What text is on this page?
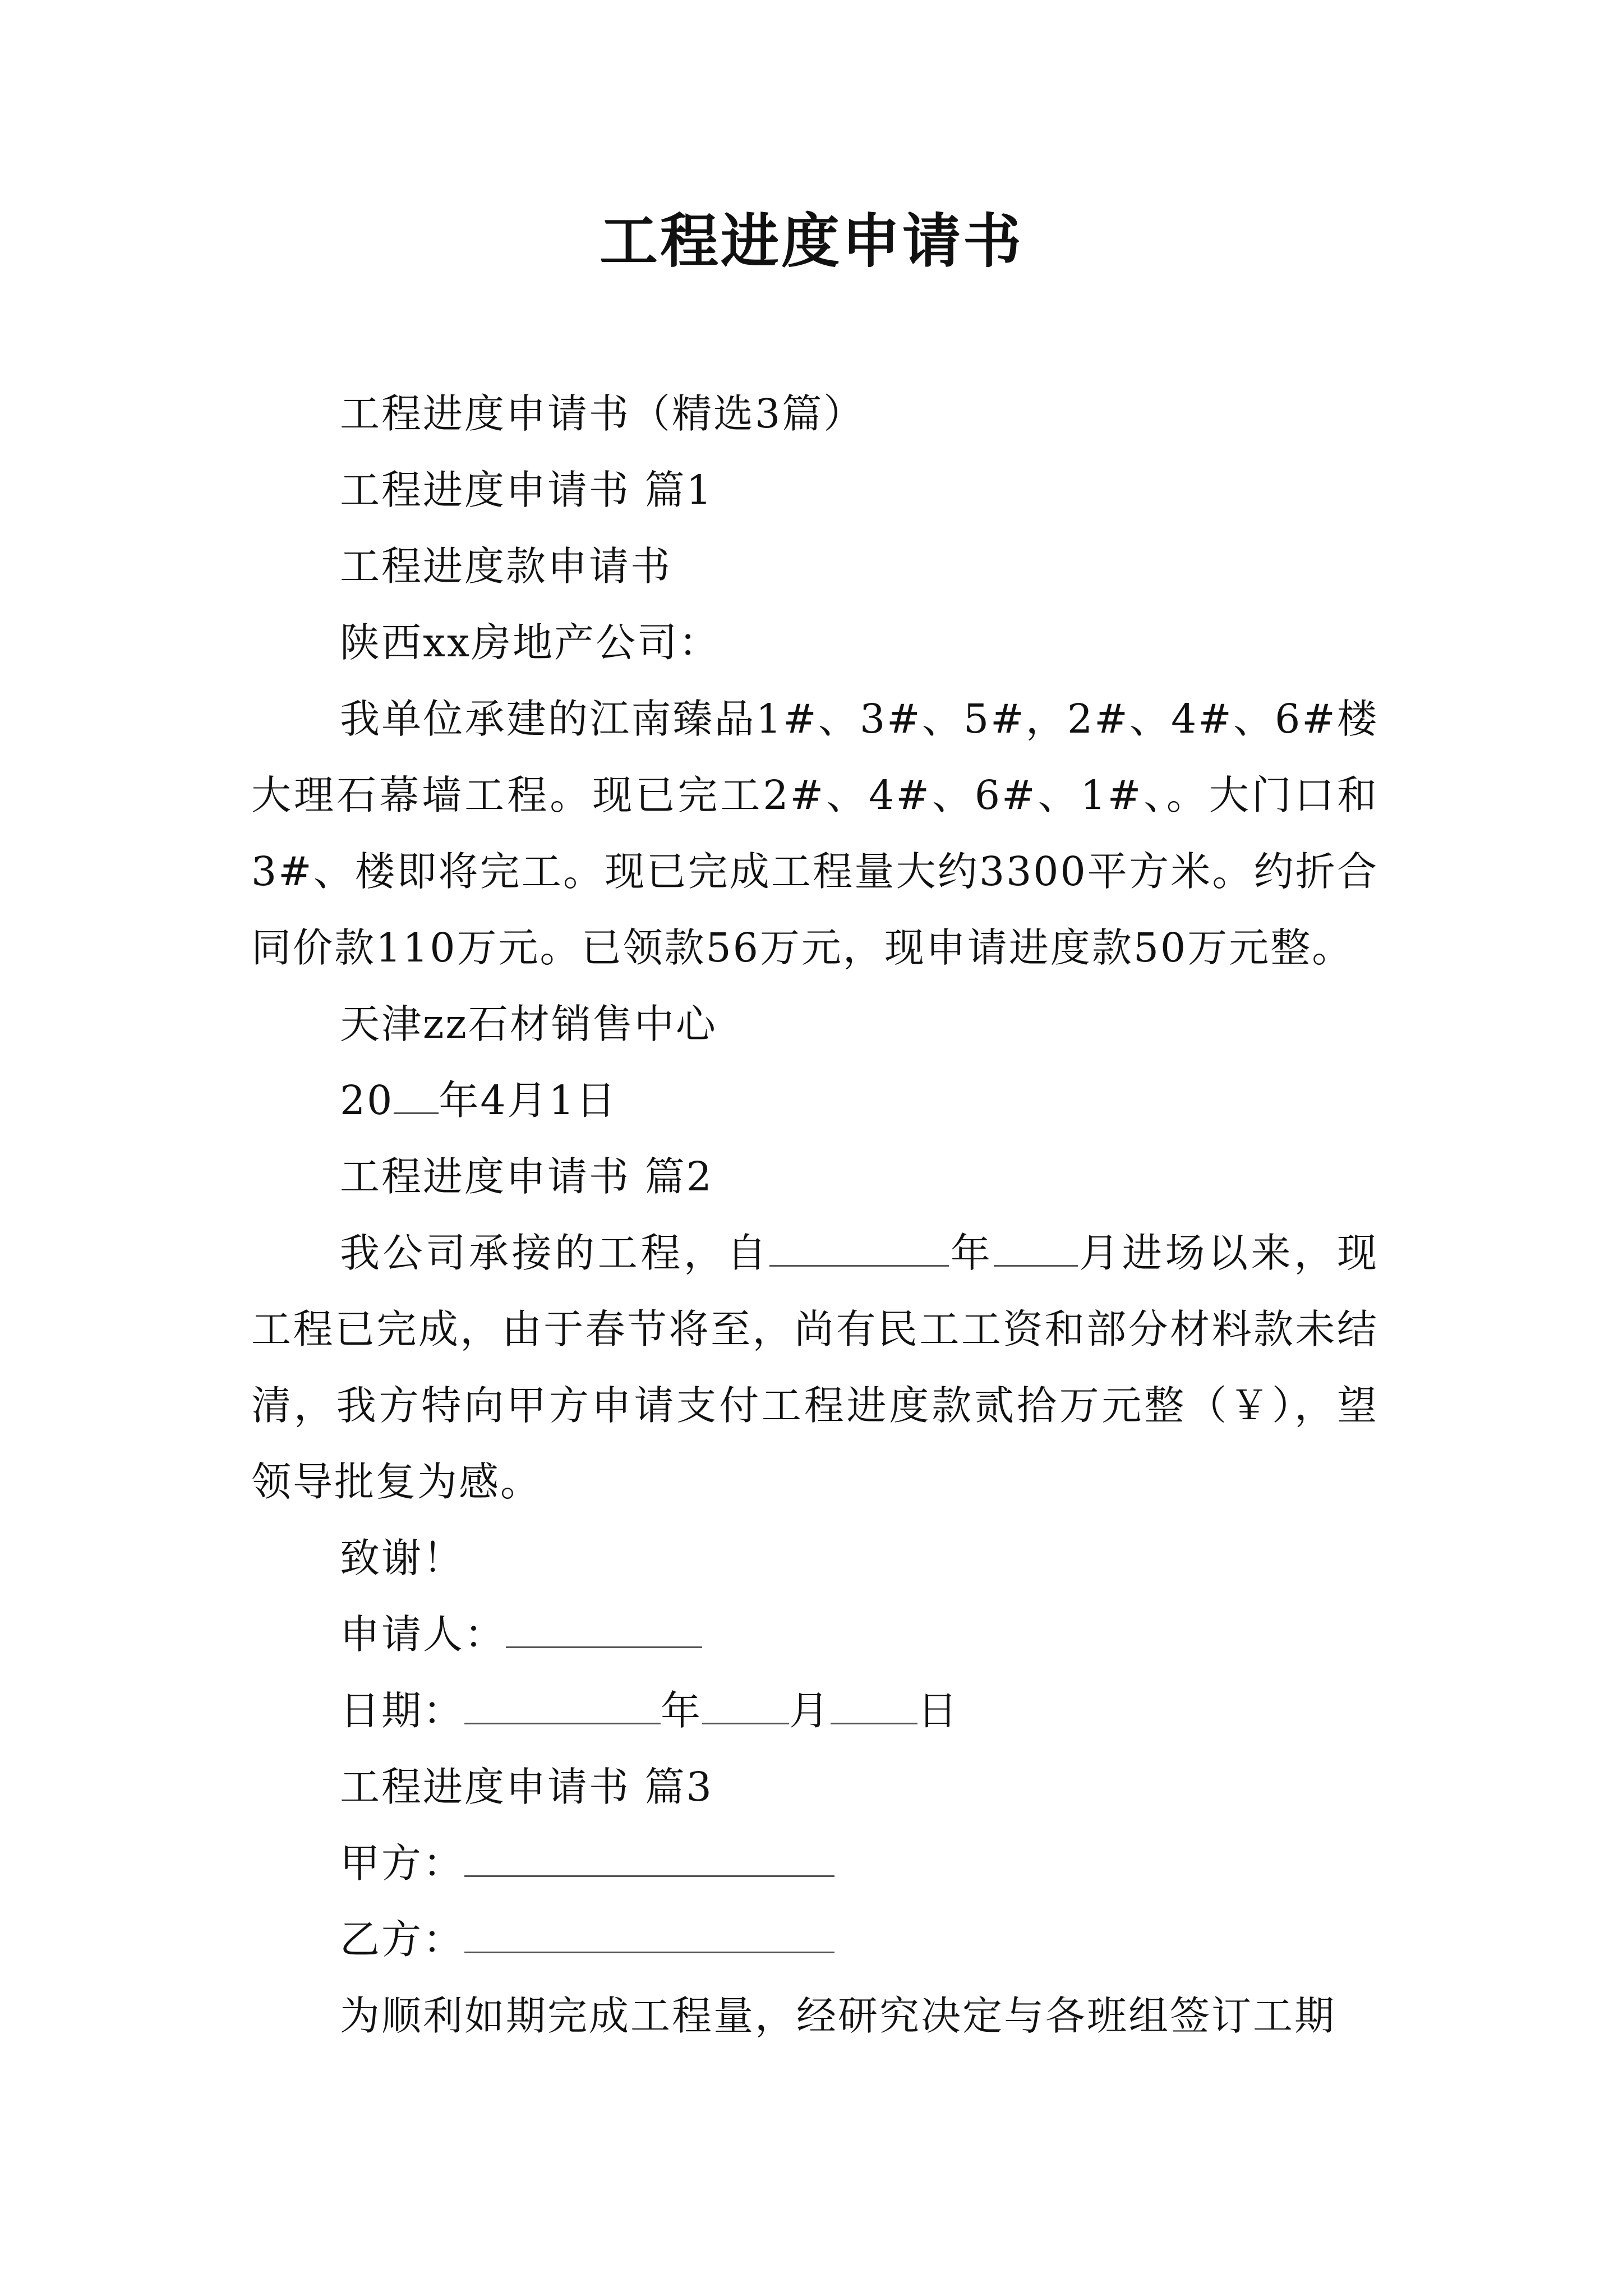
工程进度申请书

工程进度申请书（精选3篇）

工程进度申请书 篇1

工程进度款申请书

陕西xx房地产公司：

我单位承建的江南臻品1#、3#、5#，2#、4#、6#楼大理石幕墙工程。现已完工2#、4#、6#、1#、。大门口和3#、楼即将完工。现已完成工程量大约3300平方米。约折合同价款110万元。已领款56万元，现申请进度款50万元整。

天津zz石材销售中心

20 年4月1日

工程进度申请书 篇2

我公司承接的工程，自	年 月进场以来，现工程已完成，由于春节将至，尚有民工工资和部分材料款未结清，我方特向甲方申请支付工程进度款贰拾万元整（￥），望领导批复为感。

致谢！

申请人：

日期：	年 月 日

工程进度申请书 篇3

甲方：

乙方：

为顺利如期完成工程量，经研究决定与各班组签订工期
